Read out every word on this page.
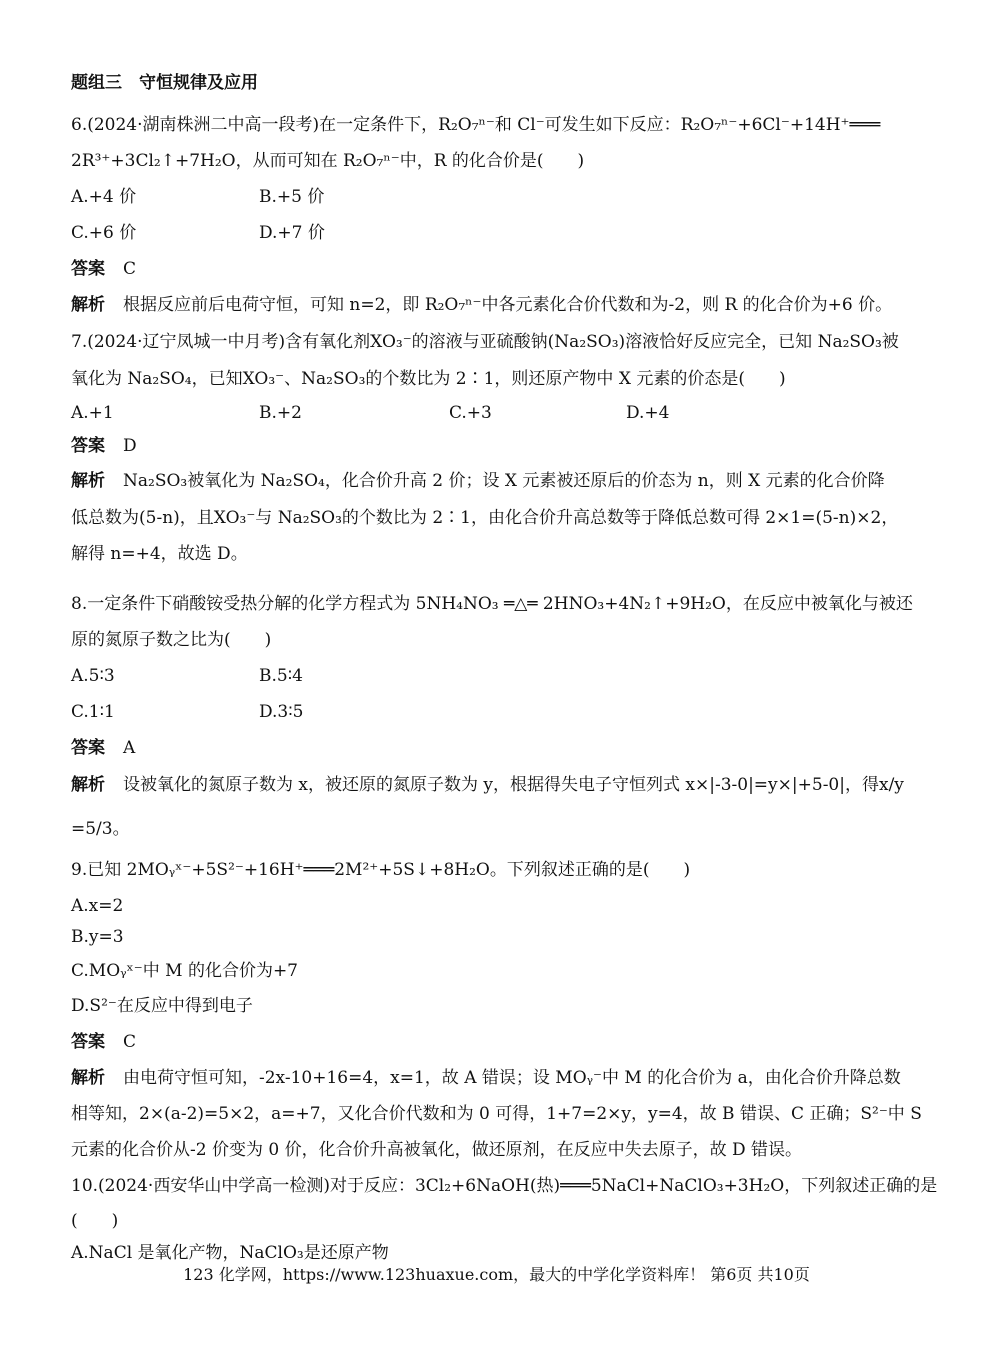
题组三　守恒规律及应用
6.(2024·湖南株洲二中高一段考)在一定条件下，R₂O₇ⁿ⁻和 Cl⁻可发生如下反应：R₂O₇ⁿ⁻+6Cl⁻+14H⁺═══
2R³⁺+3Cl₂↑+7H₂O，从而可知在 R₂O₇ⁿ⁻中，R 的化合价是(　　)
A.+4 价	B.+5 价
C.+6 价	D.+7 价
答案 C
解析 根据反应前后电荷守恒，可知 n=2，即 R₂O₇ⁿ⁻中各元素化合价代数和为-2，则 R 的化合价为+6 价。
7.(2024·辽宁凤城一中月考)含有氧化剂XO₃⁻的溶液与亚硫酸钠(Na₂SO₃)溶液恰好反应完全，已知 Na₂SO₃被
氧化为 Na₂SO₄，已知XO₃⁻、Na₂SO₃的个数比为 2∶1，则还原产物中 X 元素的价态是(　　)
A.+1	B.+2	C.+3	D.+4
答案 D
解析 Na₂SO₃被氧化为 Na₂SO₄，化合价升高 2 价；设 X 元素被还原后的价态为 n，则 X 元素的化合价降
低总数为(5-n)，且XO₃⁻与 Na₂SO₃的个数比为 2∶1，由化合价升高总数等于降低总数可得 2×1=(5-n)×2，
解得 n=+4，故选 D。
8.一定条件下硝酸铵受热分解的化学方程式为 5NH₄NO₃ ═△═ 2HNO₃+4N₂↑+9H₂O，在反应中被氧化与被还
原的氮原子数之比为(　　)
A.5∶3	B.5∶4
C.1∶1	D.3∶5
答案 A
解析 设被氧化的氮原子数为 x，被还原的氮原子数为 y，根据得失电子守恒列式 x×|-3-0|=y×|+5-0|，得x/y
=5/3。
9.已知 2MOᵧˣ⁻+5S²⁻+16H⁺═══2M²⁺+5S↓+8H₂O。下列叙述正确的是(　　)
A.x=2
B.y=3
C.MOᵧˣ⁻中 M 的化合价为+7
D.S²⁻在反应中得到电子
答案 C
解析 由电荷守恒可知，-2x-10+16=4，x=1，故 A 错误；设 MOᵧ⁻中 M 的化合价为 a，由化合价升降总数
相等知，2×(a-2)=5×2，a=+7，又化合价代数和为 0 可得，1+7=2×y，y=4，故 B 错误、C 正确；S²⁻中 S
元素的化合价从-2 价变为 0 价，化合价升高被氧化，做还原剂，在反应中失去原子，故 D 错误。
10.(2024·西安华山中学高一检测)对于反应：3Cl₂+6NaOH(热)═══5NaCl+NaClO₃+3H₂O，下列叙述正确的是
(　　)
A.NaCl 是氧化产物，NaClO₃是还原产物
123 化学网，https://www.123huaxue.com，最大的中学化学资料库！ 第6页 共10页
